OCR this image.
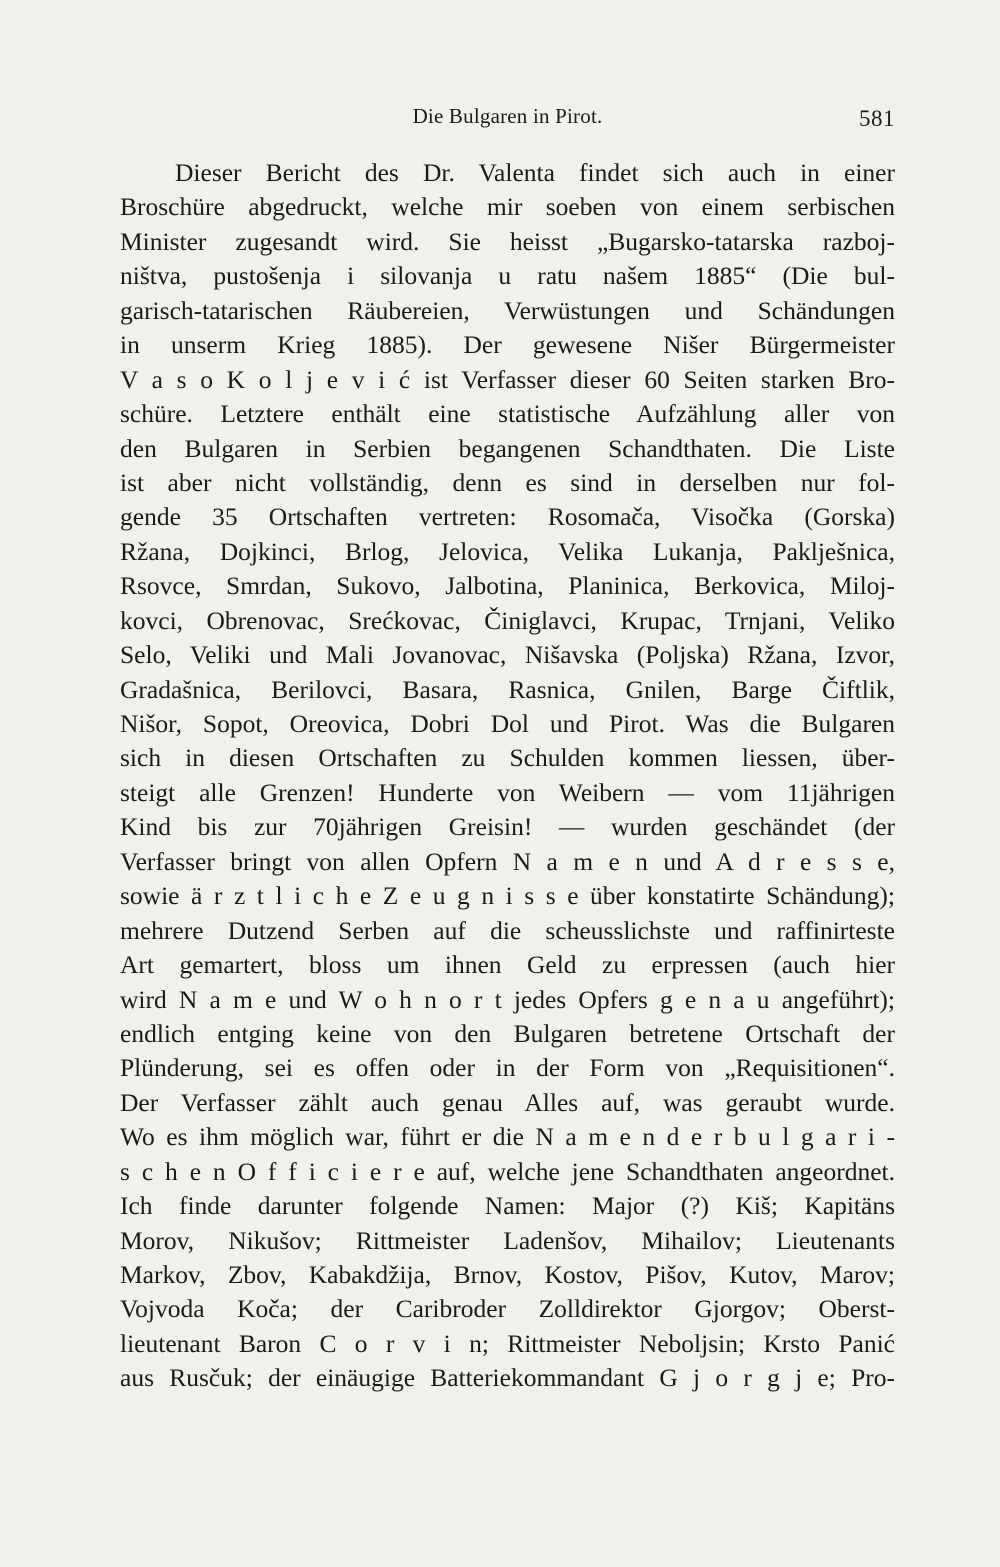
Die Bulgaren in Pirot.	581
Dieser Bericht des Dr. Valenta findet sich auch in einer
Broschüre abgedruckt, welche mir soeben von einem serbischen
Minister zugesandt wird. Sie heisst „Bugarsko-tatarska razboj-
ništva, pustošenja i silovanja u ratu našem 1885“ (Die bul-
garisch-tatarischen Räubereien, Verwüstungen und Schändungen
in unserm Krieg 1885). Der gewesene Nišer Bürgermeister
V a s o K o l j e v i ć ist Verfasser dieser 60 Seiten starken Bro-
schüre. Letztere enthält eine statistische Aufzählung aller von
den Bulgaren in Serbien begangenen Schandthaten. Die Liste
ist aber nicht vollständig, denn es sind in derselben nur fol-
gende 35 Ortschaften vertreten: Rosomača, Visočka (Gorska)
Ržana, Dojkinci, Brlog, Jelovica, Velika Lukanja, Paklješnica,
Rsovce, Smrdan, Sukovo, Jalbotina, Planinica, Berkovica, Miloj-
kovci, Obrenovac, Srećkovac, Činiglavci, Krupac, Trnjani, Veliko
Selo, Veliki und Mali Jovanovac, Nišavska (Poljska) Ržana, Izvor,
Gradašnica, Berilovci, Basara, Rasnica, Gnilen, Barge Čiftlik,
Nišor, Sopot, Oreovica, Dobri Dol und Pirot. Was die Bulgaren
sich in diesen Ortschaften zu Schulden kommen liessen, über-
steigt alle Grenzen! Hunderte von Weibern — vom 11jährigen
Kind bis zur 70jährigen Greisin! — wurden geschändet (der
Verfasser bringt von allen Opfern N a m e n und A d r e s s e,
sowie ä r z t l i c h e Z e u g n i s s e über konstatirte Schändung);
mehrere Dutzend Serben auf die scheusslichste und raffinirteste
Art gemartert, bloss um ihnen Geld zu erpressen (auch hier
wird N a m e und W o h n o r t jedes Opfers g e n a u angeführt);
endlich entging keine von den Bulgaren betretene Ortschaft der
Plünderung, sei es offen oder in der Form von „Requisitionen“.
Der Verfasser zählt auch genau Alles auf, was geraubt wurde.
Wo es ihm möglich war, führt er die N a m e n d e r b u l g a r i -
s c h e n O f f i c i e r e auf, welche jene Schandthaten angeordnet.
Ich finde darunter folgende Namen: Major (?) Kiš; Kapitäns
Morov, Nikušov; Rittmeister Ladenšov, Mihailov; Lieutenants
Markov, Zbov, Kabakdžija, Brnov, Kostov, Pišov, Kutov, Marov;
Vojvoda Koča; der Caribroder Zolldirektor Gjorgov; Oberst-
lieutenant Baron C o r v i n; Rittmeister Neboljsin; Krsto Panić
aus Rusčuk; der einäugige Batteriekommandant G j o r g j e; Pro-
